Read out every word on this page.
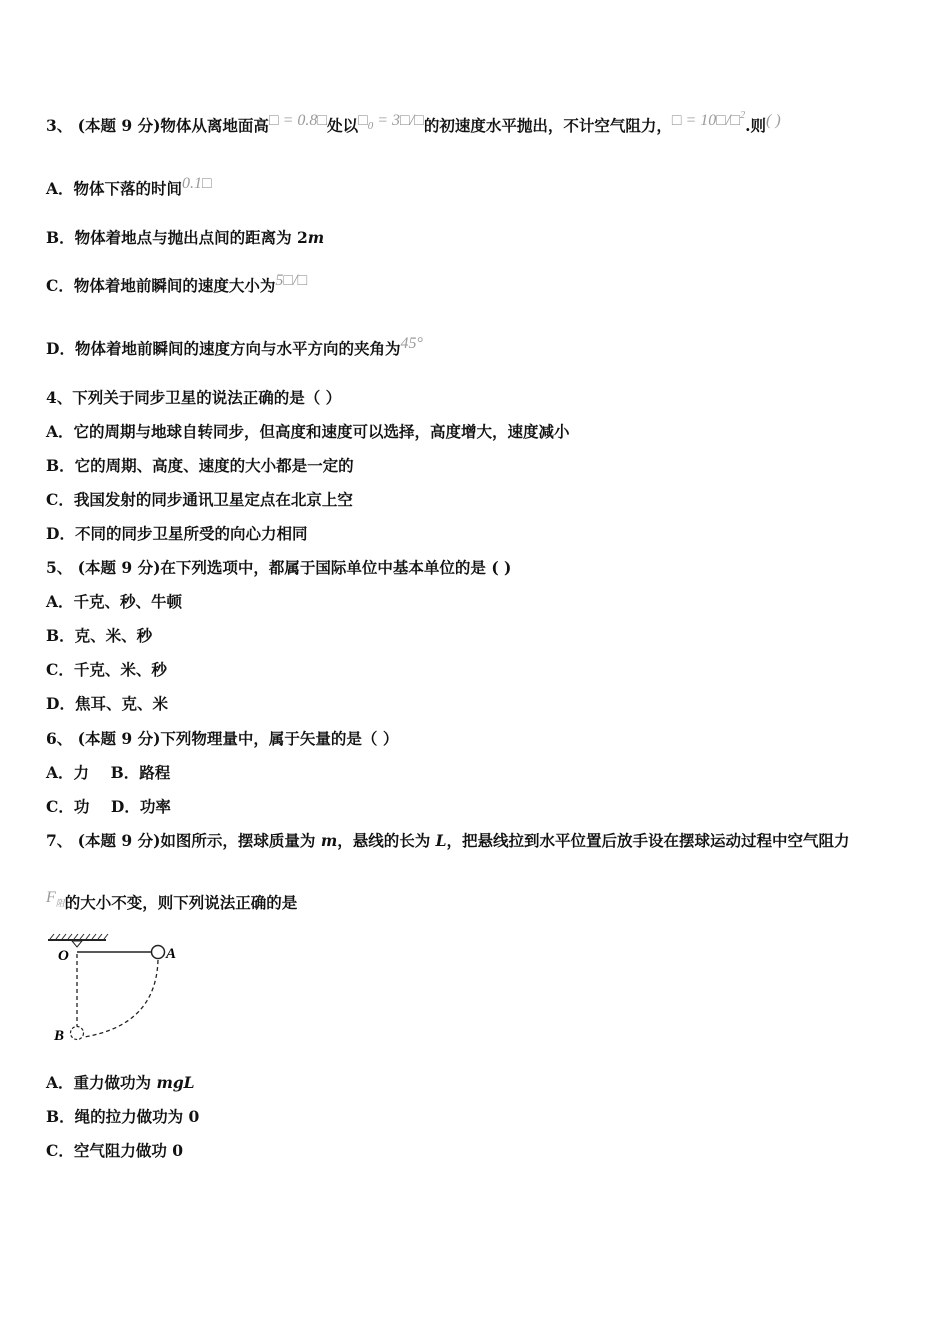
3、 (本题 9 分)物体从离地面高□ = 0.8□处以$□_0$ = 3□/□的初速度水平抛出，不计空气阻力，□ = 10□/□$^2$.则( )
A．物体下落的时间0.1□
B．物体着地点与抛出点间的距离为 2m
C．物体着地前瞬间的速度大小为5□/□
D．物体着地前瞬间的速度方向与水平方向的夹角为45°
4、下列关于同步卫星的说法正确的是（ ）
A．它的周期与地球自转同步，但高度和速度可以选择，高度增大，速度减小
B．它的周期、高度、速度的大小都是一定的
C．我国发射的同步通讯卫星定点在北京上空
D．不同的同步卫星所受的向心力相同
5、 (本题 9 分)在下列选项中，都属于国际单位中基本单位的是 ( )
A．千克、秒、牛顿
B．克、米、秒
C．千克、米、秒
D．焦耳、克、米
6、 (本题 9 分)下列物理量中，属于矢量的是（ ）
A．力    B．路程
C．功    D．功率
7、 (本题 9 分)如图所示，摆球质量为 m，悬线的长为 L，把悬线拉到水平位置后放手设在摆球运动过程中空气阻力
$F_阻$的大小不变，则下列说法正确的是
O	A
B
A．重力做功为 mgL
B．绳的拉力做功为 0
C．空气阻力做功 0
